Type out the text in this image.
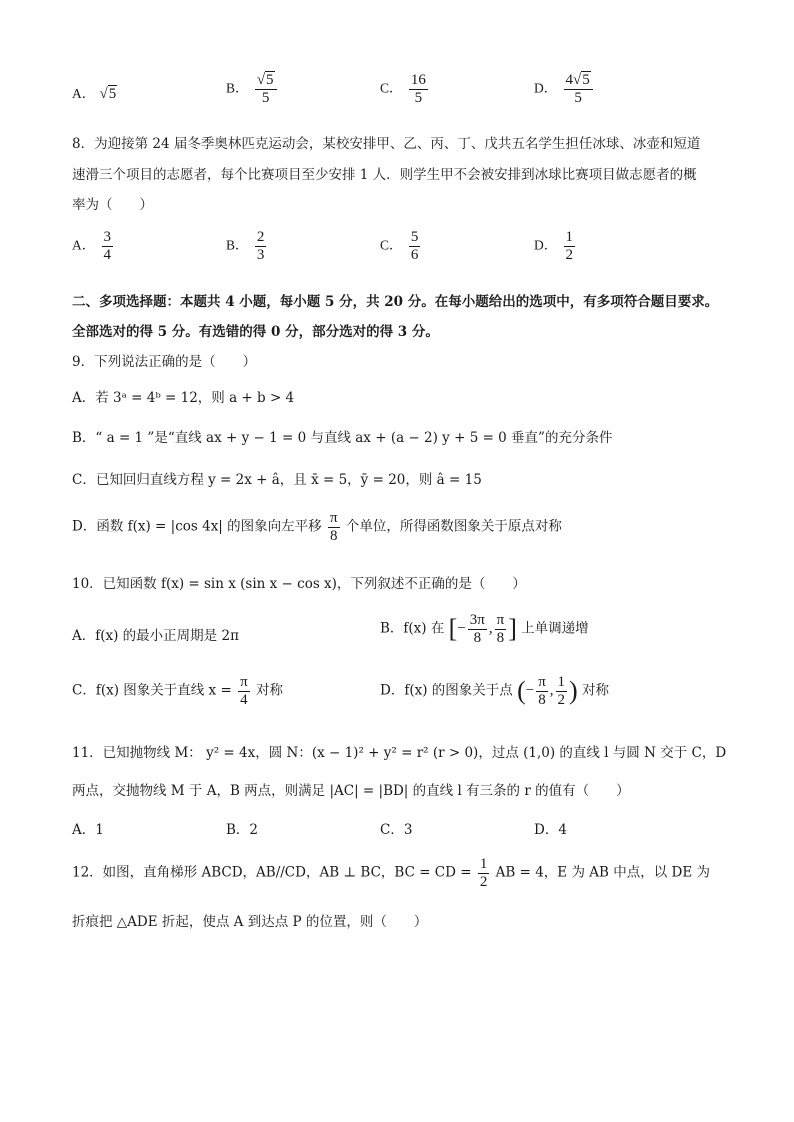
A． √5	B． $\frac{√5}{5}$	C． $\frac{16}{5}$	D． $\frac{4√5}{5}$
8．为迎接第 24 届冬季奥林匹克运动会，某校安排甲、乙、丙、丁、戊共五名学生担任冰球、冰壶和短道
速滑三个项目的志愿者，每个比赛项目至少安排 1 人．则学生甲不会被安排到冰球比赛项目做志愿者的概
率为（　　）
A． $\frac{3}{4}$	B． $\frac{2}{3}$	C． $\frac{5}{6}$	D． $\frac{1}{2}$
二、多项选择题：本题共 4 小题，每小题 5 分，共 20 分。在每小题给出的选项中，有多项符合题目要求。
全部选对的得 5 分。有选错的得 0 分，部分选对的得 3 分。
9．下列说法正确的是（　　）
A．若 3ᵃ = 4ᵇ = 12，则 a + b > 4
B．“ a = 1 ”是“直线 ax + y − 1 = 0 与直线 ax + (a − 2) y + 5 = 0 垂直”的充分条件
C．已知回归直线方程 y = 2x + â，且 x̄ = 5，ȳ = 20，则 â = 15
D．函数 f(x) = |cos 4x| 的图象向左平移 $\frac{\pi}{8}$ 个单位，所得函数图象关于原点对称
10．已知函数 f(x) = sin x (sin x − cos x)，下列叙述不正确的是（　　）
A．f(x) 的最小正周期是 2π	B．f(x) 在 [− $\frac{3\pi}{8}$ , $\frac{\pi}{8}$ ] 上单调递增
C．f(x) 图象关于直线 $x = \frac{\pi}{4}$ 对称	D．f(x) 的图象关于点 (− $\frac{\pi}{8}$ , $\frac{1}{2}$ ) 对称
11．已知抛物线 M： y² = 4x，圆 N：(x − 1)² + y² = r² (r > 0)，过点 (1,0) 的直线 l 与圆 N 交于 C，D
两点，交抛物线 M 于 A，B 两点，则满足 |AC| = |BD| 的直线 l 有三条的 r 的值有（　　）
A．1	B．2	C．3	D．4
12．如图，直角梯形 ABCD，AB//CD，AB ⊥ BC，BC = CD = $\frac{1}{2}$ AB = 4，E 为 AB 中点，以 DE 为
折痕把 △ADE 折起，使点 A 到达点 P 的位置，则（　　）
